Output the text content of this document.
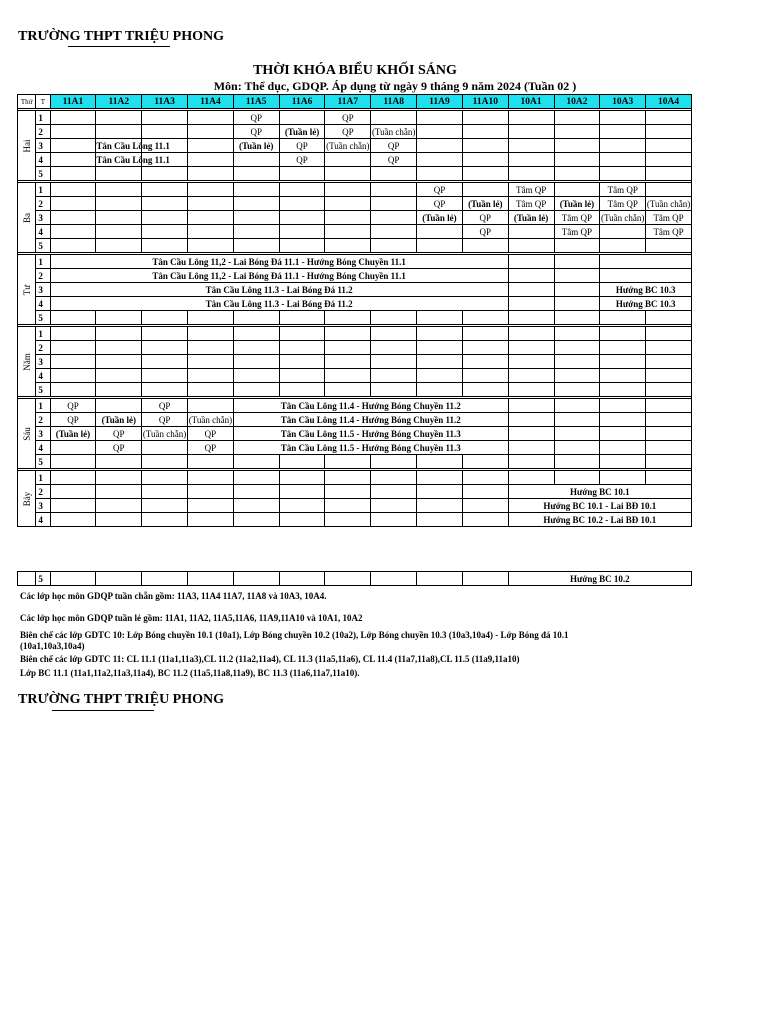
TRƯỜNG THPT TRIỆU PHONG
THỜI KHÓA BIỂU KHỐI SÁNG
Môn: Thể dục, GDQP. Áp dụng từ ngày 9 tháng 9 năm 2024 (Tuần 02 )
Thứ	T	11A1	11A2	11A3	11A4	11A5	11A6	11A7	11A8	11A9	11A10	10A1	10A2	10A3	10A4

Hai	1					QP		QP							
	2					QP	(Tuần lẻ)	QP	(Tuần chẵn)						
	3		Tân Cầu Lông 11.1			(Tuần lẻ)	QP	(Tuần chẵn)	QP						
	4		Tân Cầu Lông 11.1				QP		QP						
	5														

Ba	1									QP		Tâm QP		Tâm QP	
	2									QP	(Tuần lẻ)	Tâm QP	(Tuần lẻ)	Tâm QP	(Tuần chẵn)
	3									(Tuần lẻ)	QP	(Tuần lẻ)	Tâm QP	(Tuần chẵn)	Tâm QP
	4										QP		Tâm QP		Tâm QP
	5														

Tư	1	Tân Cầu Lông 11,2 - Lai Bóng Đá 11.1 - Hướng Bóng Chuyền 11.1													
	2	Tân Cầu Lông 11,2 - Lai Bóng Đá 11.1 - Hướng Bóng Chuyền 11.1													
	3	Tân Cầu Lông 11.3 - Lai Bóng Đá 11.2												Hướng BC 10.3	
	4	Tân Cầu Lông 11.3 - Lai Bóng Đá 11.2												Hướng BC 10.3	
	5														

Năm	1														
	2														
	3														
	4														
	5														

Sáu	1	QP		QP		Tân Cầu Lông 11.4 - Hướng Bóng Chuyền 11.2									
	2	QP	(Tuần lẻ)	QP	(Tuần chẵn)	Tân Cầu Lông 11.4 - Hướng Bóng Chuyền 11.2									
	3	(Tuần lẻ)	QP	(Tuần chẵn)	QP	Tân Cầu Lông 11.5 - Hướng Bóng Chuyền 11.3									
	4		QP		QP	Tân Cầu Lông 11.5 - Hướng Bóng Chuyền 11.3									
	5														

Bảy	1														
	2											Hướng BC 10.1			
	3											Hướng BC 10.1 - Lai BĐ 10.1			
	4											Hướng BC 10.2 - Lai BĐ 10.1			
	5											Hướng BC 10.2
Các lớp học môn GDQP tuần chẵn gồm: 11A3, 11A4 11A7, 11A8 và 10A3, 10A4.
Các lớp học môn GDQP tuần lẻ gồm: 11A1, 11A2, 11A5,11A6, 11A9,11A10 và 10A1, 10A2
Biên chế các lớp GDTC 10: Lớp Bóng chuyền 10.1 (10a1), Lớp Bóng chuyền 10.2 (10a2), Lớp Bóng chuyền 10.3 (10a3,10a4) - Lớp Bóng đá 10.1
(10a1,10a3,10a4)
Biên chế các lớp GDTC 11: CL 11.1 (11a1,11a3),CL 11.2 (11a2,11a4), CL 11.3 (11a5,11a6), CL 11.4 (11a7,11a8),CL 11.5 (11a9,11a10)
Lớp BC 11.1 (11a1,11a2,11a3,11a4), BC 11.2 (11a5,11a8,11a9), BC 11.3 (11a6,11a7,11a10).
TRƯỜNG THPT TRIỆU PHONG
